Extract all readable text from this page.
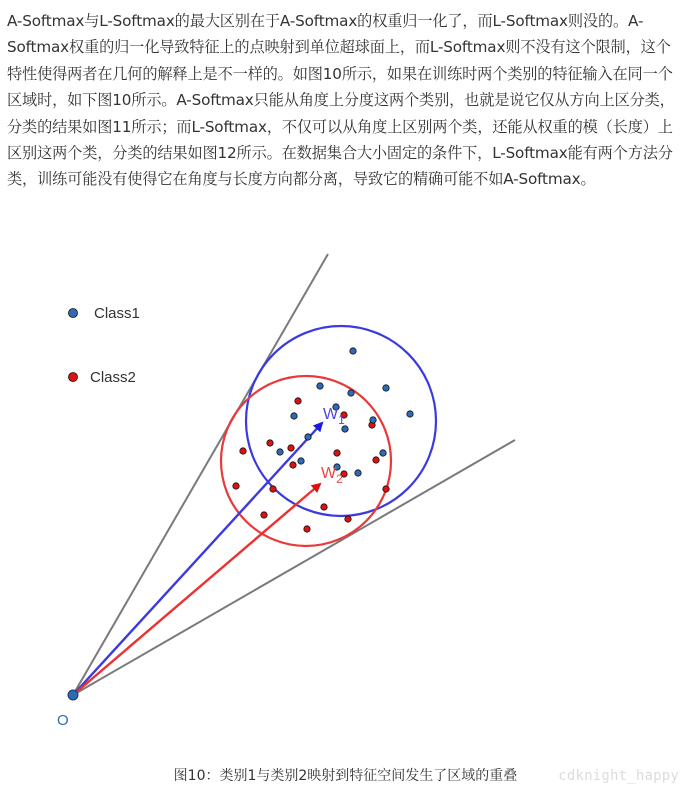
A-Softmax与L-Softmax的最大区别在于A-Softmax的权重归一化了，而L-Softmax则没的。A-Softmax权重的归一化导致特征上的点映射到单位超球面上，而L-Softmax则不没有这个限制，这个特性使得两者在几何的解释上是不一样的。如图10所示，如果在训练时两个类别的特征输入在同一个区域时，如下图10所示。A-Softmax只能从角度上分度这两个类别，也就是说它仅从方向上区分类，分类的结果如图11所示；而L-Softmax，不仅可以从角度上区别两个类，还能从权重的模（长度）上区别这两个类，分类的结果如图12所示。在数据集合大小固定的条件下，L-Softmax能有两个方法分类，训练可能没有使得它在角度与长度方向都分离，导致它的精确可能不如A-Softmax。

Class1
Class2
$W_1$
$W_2$
O
图10：类别1与类别2映射到特征空间发生了区域的重叠	cdknight_happy
